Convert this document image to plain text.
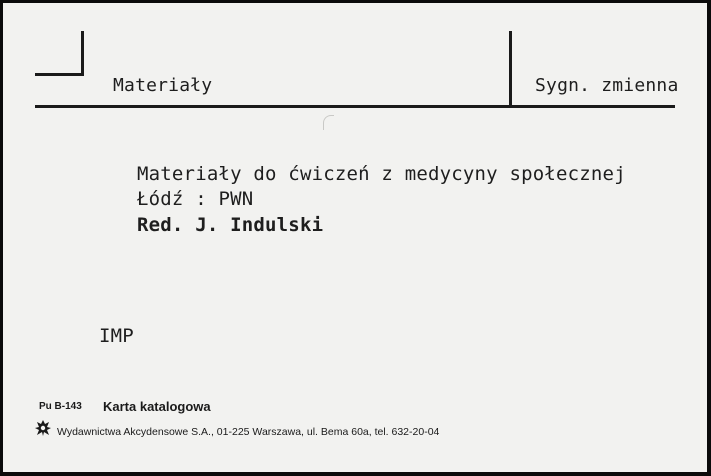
Materiały	Sygn. zmienna
Materiały do ćwiczeń z medycyny społecznej
Łódź : PWN
Red. J. Indulski
IMP
Pu B-143 Karta katalogowa
Wydawnictwa Akcydensowe S.A., 01-225 Warszawa, ul. Bema 60a, tel. 632-20-04
